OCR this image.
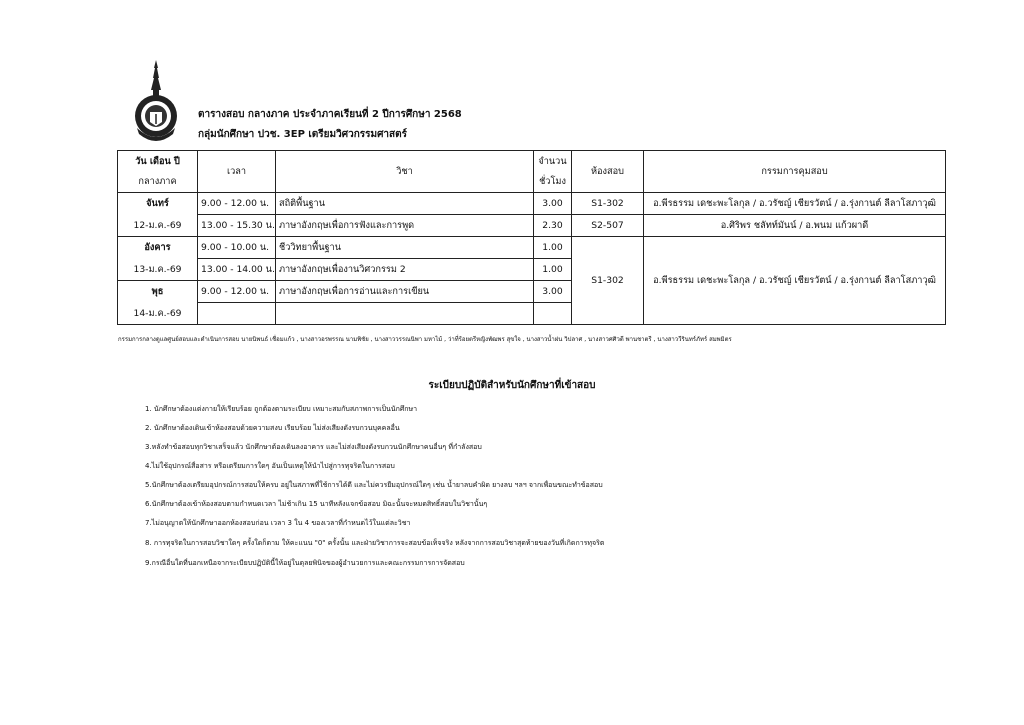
ตารางสอบ กลางภาค ประจำภาคเรียนที่ 2 ปีการศึกษา 2568
กลุ่มนักศึกษา ปวช. 3EP เตรียมวิศวกรรมศาสตร์
วัน เดือน ปี	เวลา	วิชา	จำนวน	ห้องสอบ	กรรมการคุมสอบ
กลางภาค			ชั่วโมง		
จันทร์	9.00 - 12.00 น.	สถิติพื้นฐาน	3.00	S1-302	อ.พีรธรรม เดชะพะโลกุล / อ.วรัชญ์ เชียรวัตน์ / อ.รุ่งกานต์ ลีลาโสภาวุฒิ
12-ม.ค.-69	13.00 - 15.30 น.	ภาษาอังกฤษเพื่อการฟังและการพูด	2.30	S2-507	อ.ศิริพร ชลัทท์มันน์ / อ.พนม แก้วผาดี
อังคาร	9.00 - 10.00 น.	ชีววิทยาพื้นฐาน	1.00	S1-302	อ.พีรธรรม เดชะพะโลกุล / อ.วรัชญ์ เชียรวัตน์ / อ.รุ่งกานต์ ลีลาโสภาวุฒิ
13-ม.ค.-69	13.00 - 14.00 น.	ภาษาอังกฤษเพื่องานวิศวกรรม 2	1.00		
พุธ	9.00 - 12.00 น.	ภาษาอังกฤษเพื่อการอ่านและการเขียน	3.00		
14-ม.ค.-69					
กรรมการกลางดูแลศูนย์สอบและดำเนินการสอบ นายนิพนธ์ เชื่อมแก้ว , นางสาวอรพรรณ นามพิชัย , นางสาววรรณนิพา มหาไม้ , ว่าที่ร้อยตรีหญิงพัฒพร สุขใจ , นางสาวน้ำฝน วิปลาศ , นางสาวศศิวดี พานชาตรี , นางสาววีรินทร์ภัทร์ สมพมิตร
ระเบียบปฏิบัติสำหรับนักศึกษาที่เข้าสอบ
1. นักศึกษาต้องแต่งกายให้เรียบร้อย ถูกต้องตามระเบียบ เหมาะสมกับสภาพการเป็นนักศึกษา
2. นักศึกษาต้องเดินเข้าห้องสอบด้วยความสงบ เรียบร้อย ไม่ส่งเสียงดังรบกวนบุคคลอื่น
3.หลังทำข้อสอบทุกวิชาเสร็จแล้ว นักศึกษาต้องเดินลงอาคาร และไม่ส่งเสียงดังรบกวนนักศึกษาคนอื่นๆ ที่กำลังสอบ
4.ไม่ใช้อุปกรณ์สื่อสาร หรือเตรียมการใดๆ อันเป็นเหตุให้นำไปสู่การทุจริตในการสอบ
5.นักศึกษาต้องเตรียมอุปกรณ์การสอบให้ครบ อยู่ในสภาพที่ใช้การได้ดี และไม่ควรยืมอุปกรณ์ใดๆ เช่น น้ำยาลบคำผิด ยางลบ ฯลฯ จากเพื่อนขณะทำข้อสอบ
6.นักศึกษาต้องเข้าห้องสอบตามกำหนดเวลา ไม่ช้าเกิน 15 นาทีหลังแจกข้อสอบ มิฉะนั้นจะหมดสิทธิ์สอบในวิชานั้นๆ
7.ไม่อนุญาตให้นักศึกษาออกห้องสอบก่อน เวลา 3 ใน 4 ของเวลาที่กำหนดไว้ในแต่ละวิชา
8. การทุจริตในการสอบวิชาใดๆ ครั้งใดก็ตาม ให้คะแนน "0" ครั้งนั้น และฝ่ายวิชาการจะสอบข้อเท็จจริง หลังจากการสอบวิชาสุดท้ายของวันที่เกิดการทุจริต
9.กรณีอื่นใดที่นอกเหนือจากระเบียบปฏิบัตินี้ให้อยู่ในดุลยพินิจของผู้อำนวยการและคณะกรรมการการจัดสอบ
